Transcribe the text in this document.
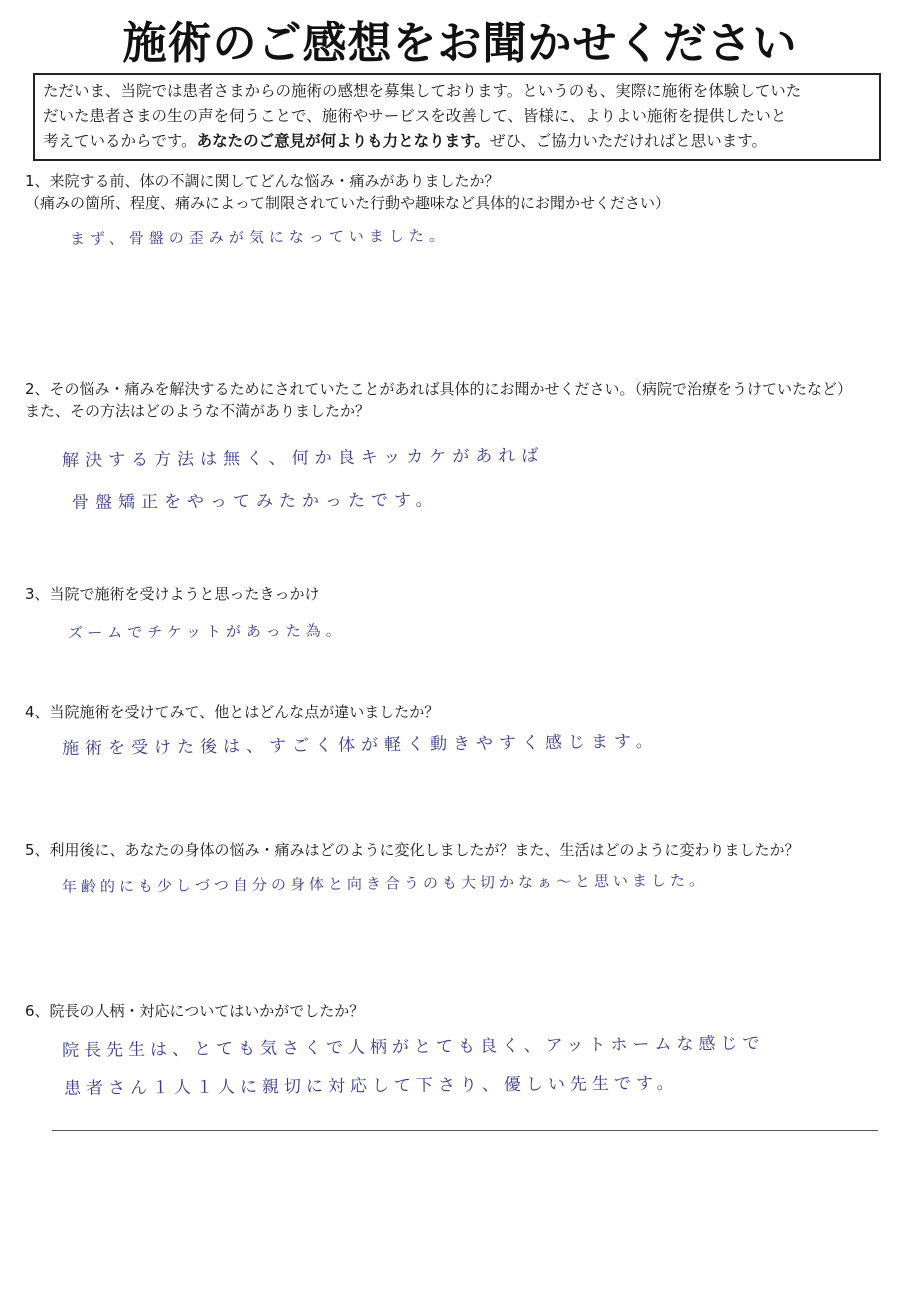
施術のご感想をお聞かせください
ただいま、当院では患者さまからの施術の感想を募集しております。というのも、実際に施術を体験していた
だいた患者さまの生の声を伺うことで、施術やサービスを改善して、皆様に、よりよい施術を提供したいと
考えているからです。あなたのご意見が何よりも力となります。ぜひ、ご協力いただければと思います。
1、来院する前、体の不調に関してどんな悩み・痛みがありましたか？
（痛みの箇所、程度、痛みによって制限されていた行動や趣味など具体的にお聞かせください）
まず、骨盤の歪みが気になっていました。
2、その悩み・痛みを解決するためにされていたことがあれば具体的にお聞かせください。（病院で治療をうけていたなど）
また、その方法はどのような不満がありましたか？
解決する方法は無く、何か良キッカケがあれば
骨盤矯正をやってみたかったです。
3、当院で施術を受けようと思ったきっかけ
ズームでチケットがあった為。
4、当院施術を受けてみて、他とはどんな点が違いましたか？
施術を受けた後は、すごく体が軽く動きやすく感じます。
5、利用後に、あなたの身体の悩み・痛みはどのように変化しましたが？また、生活はどのように変わりましたか？
年齢的にも少しづつ自分の身体と向き合うのも大切かなぁ～と思いました。
6、院長の人柄・対応についてはいかがでしたか？
院長先生は、とても気さくで人柄がとても良く、アットホームな感じで
患者さん１人１人に親切に対応して下さり、優しい先生です。
